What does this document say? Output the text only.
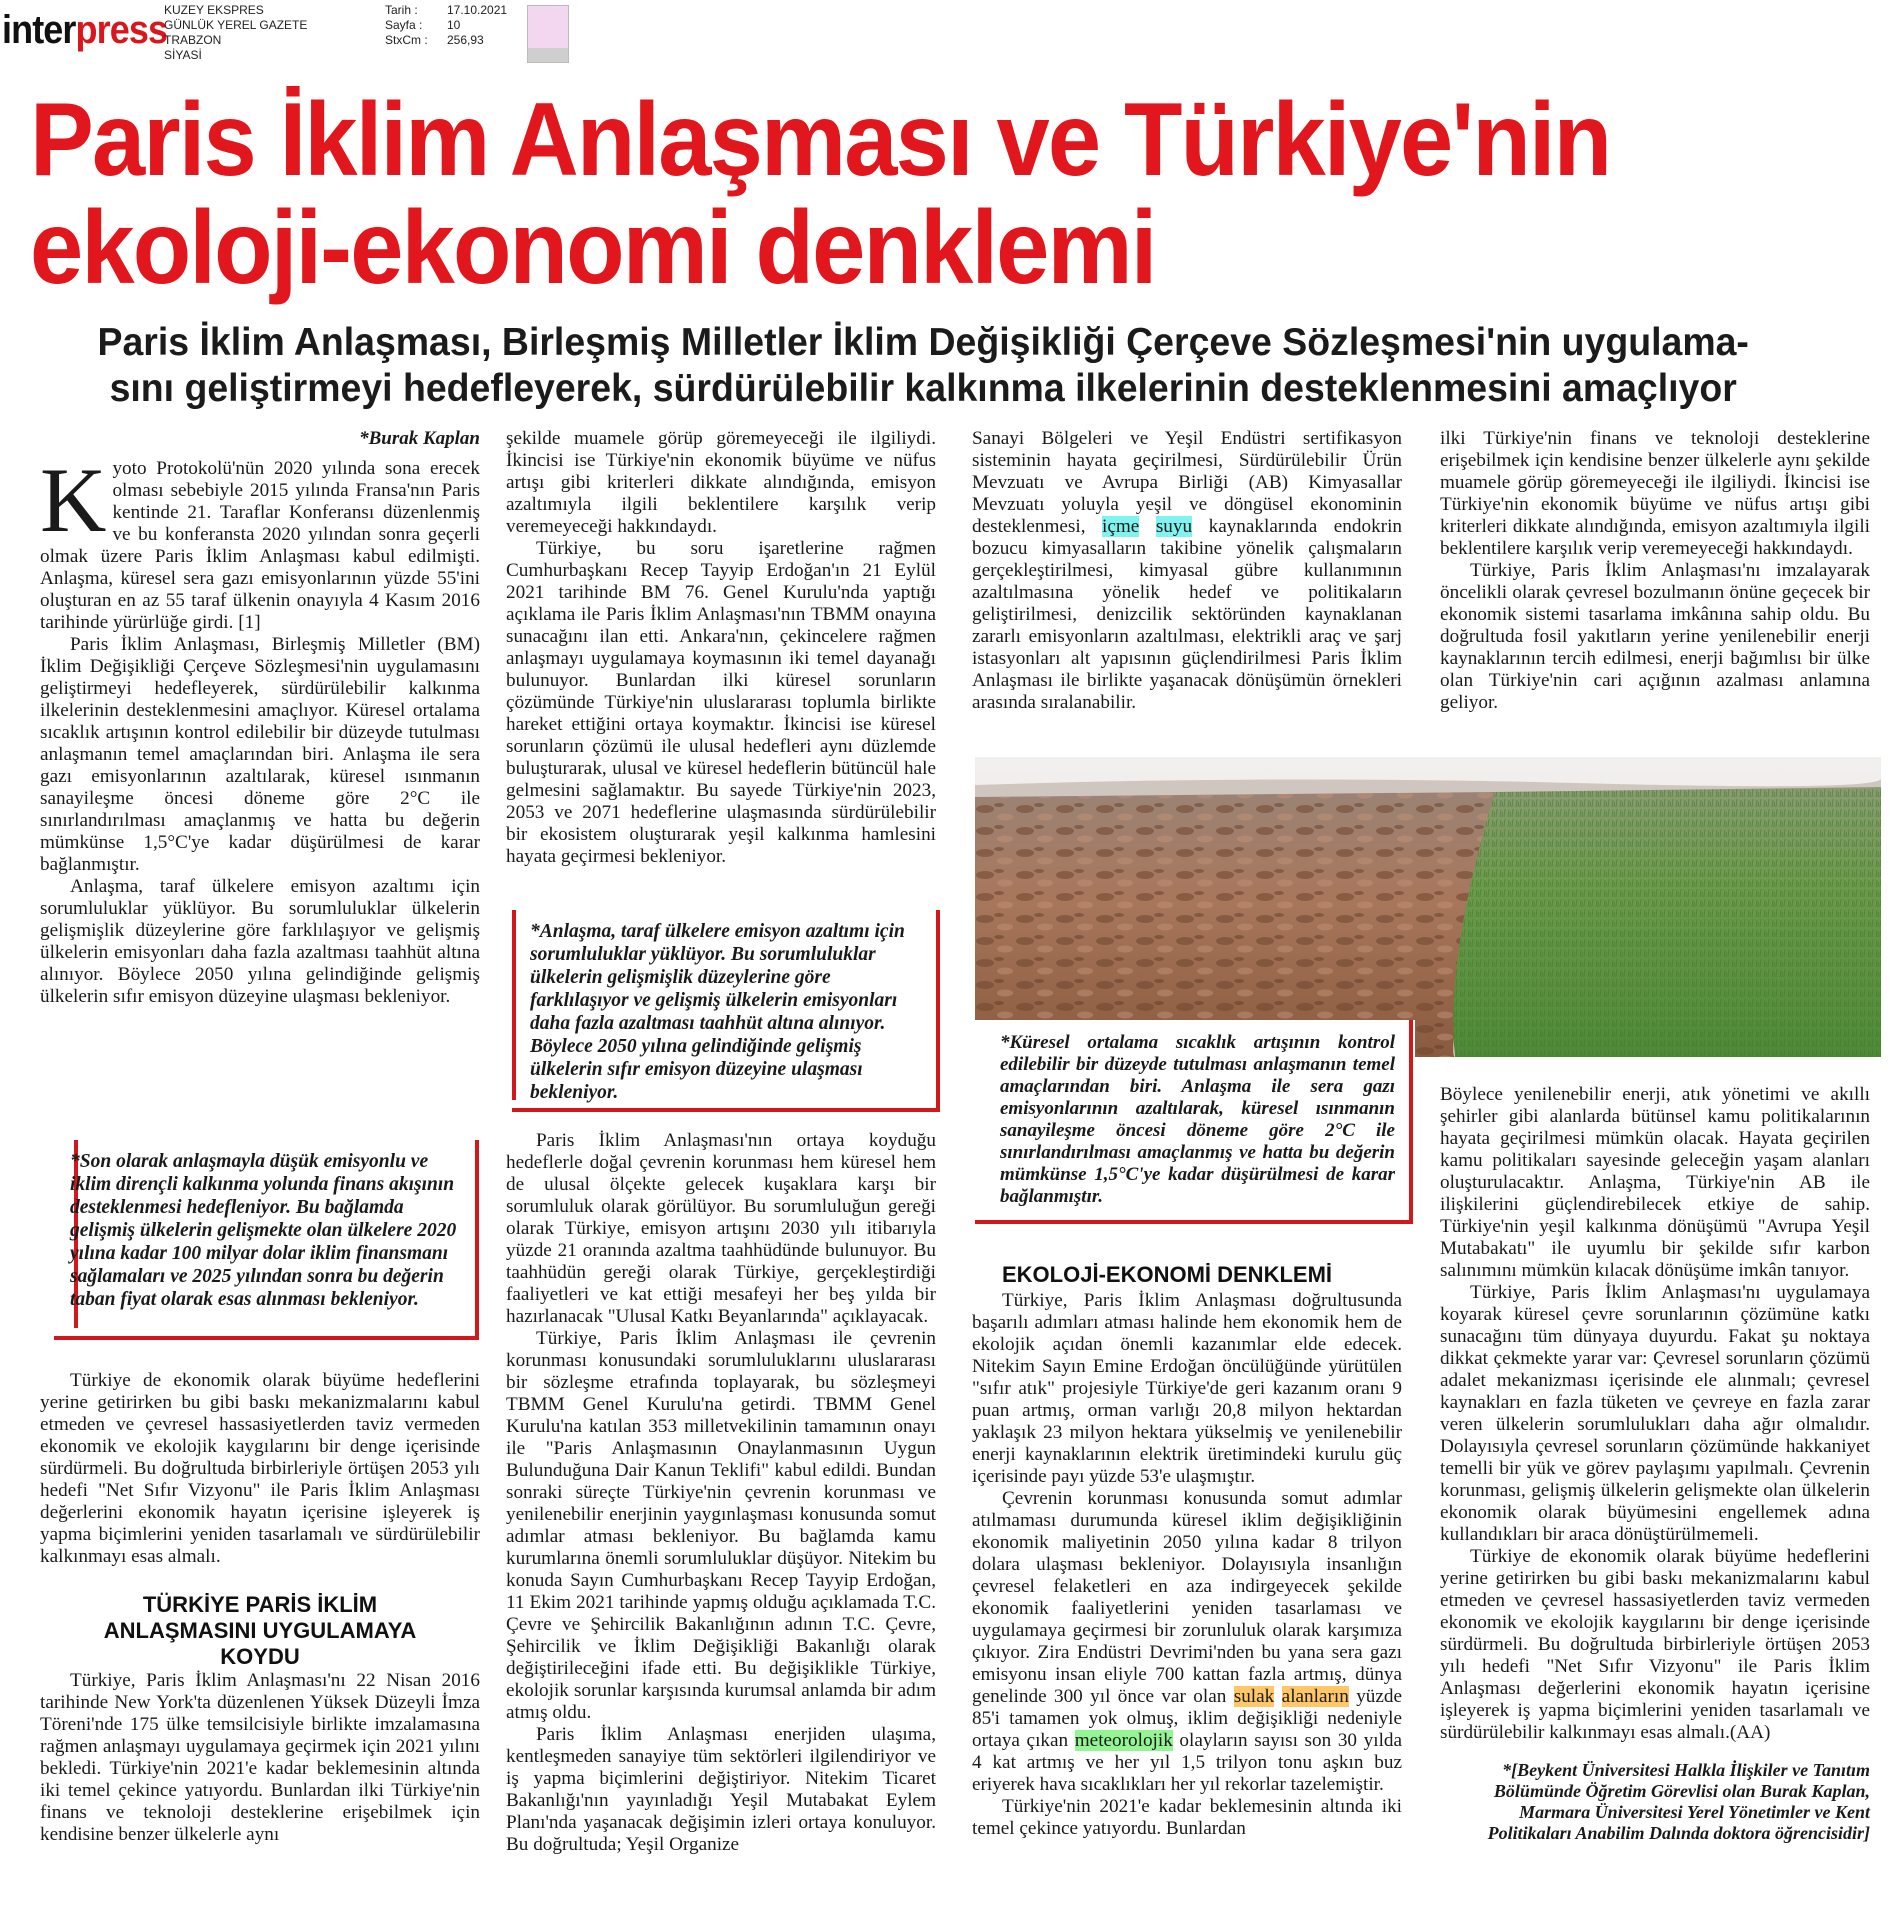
interpress
KUZEY EKSPRES
GÜNLÜK YEREL GAZETE
TRABZON
SİYASİ
Tarih :
Sayfa :
StxCm :
17.10.2021
10
256,93
Paris İklim Anlaşması ve Türkiye'nin
ekoloji-ekonomi denklemi
Paris İklim Anlaşması, Birleşmiş Milletler İklim Değişikliği Çerçeve Sözleşmesi'nin uygulama-
sını geliştirmeyi hedefleyerek, sürdürülebilir kalkınma ilkelerinin desteklenmesini amaçlıyor
*Burak Kaplan

Kyoto Protokolü'nün 2020 yılında sona erecek olması sebebiyle 2015 yılında Fransa'nın Paris kentinde 21. Taraflar Konferansı düzenlenmiş ve bu konferansta 2020 yılından sonra geçerli olmak üzere Paris İklim Anlaşması kabul edilmişti. Anlaşma, küresel sera gazı emisyonlarının yüzde 55'ini oluşturan en az 55 taraf ülkenin onayıyla 4 Kasım 2016 tarihinde yürürlüğe girdi. [1]

Paris İklim Anlaşması, Birleşmiş Milletler (BM) İklim Değişikliği Çerçeve Sözleşmesi'nin uygulamasını geliştirmeyi hedefleyerek, sürdürülebilir kalkınma ilkelerinin desteklenmesini amaçlıyor. Küresel ortalama sıcaklık artışının kontrol edilebilir bir düzeyde tutulması anlaşmanın temel amaçlarından biri. Anlaşma ile sera gazı emisyonlarının azaltılarak, küresel ısınmanın sanayileşme öncesi döneme göre 2°C ile sınırlandırılması amaçlanmış ve hatta bu değerin mümkünse 1,5°C'ye kadar düşürülmesi de karar bağlanmıştır.

Anlaşma, taraf ülkelere emisyon azaltımı için sorumluluklar yüklüyor. Bu sorumluluklar ülkelerin gelişmişlik düzeylerine göre farklılaşıyor ve gelişmiş ülkelerin emisyonları daha fazla azaltması taahhüt altına alınıyor. Böylece 2050 yılına gelindiğinde gelişmiş ülkelerin sıfır emisyon düzeyine ulaşması bekleniyor.

*Son olarak anlaşmayla düşük emisyonlu ve iklim dirençli kalkınma yolunda finans akışının desteklenmesi hedefleniyor. Bu bağlamda gelişmiş ülkelerin gelişmekte olan ülkelere 2020 yılına kadar 100 milyar dolar iklim finansmanı sağlamaları ve 2025 yılından sonra bu değerin taban fiyat olarak esas alınması bekleniyor.

Türkiye de ekonomik olarak büyüme hedeflerini yerine getirirken bu gibi baskı mekanizmalarını kabul etmeden ve çevresel hassasiyetlerden taviz vermeden ekonomik ve ekolojik kaygılarını bir denge içerisinde sürdürmeli. Bu doğrultuda birbirleriyle örtüşen 2053 yılı hedefi "Net Sıfır Vizyonu" ile Paris İklim Anlaşması değerlerini ekonomik hayatın içerisine işleyerek iş yapma biçimlerini yeniden tasarlamalı ve sürdürülebilir kalkınmayı esas almalı.

TÜRKİYE PARİS İKLİM
ANLAŞMASINI UYGULAMAYA
KOYDU

Türkiye, Paris İklim Anlaşması'nı 22 Nisan 2016 tarihinde New York'ta düzenlenen Yüksek Düzeyli İmza Töreni'nde 175 ülke temsilcisiyle birlikte imzalamasına rağmen anlaşmayı uygulamaya geçirmek için 2021 yılını bekledi. Türkiye'nin 2021'e kadar beklemesinin altında iki temel çekince yatıyordu. Bunlardan ilki Türkiye'nin finans ve teknoloji desteklerine erişebilmek için kendisine benzer ülkelerle aynı

şekilde muamele görüp göremeyeceği ile ilgiliydi. İkincisi ise Türkiye'nin ekonomik büyüme ve nüfus artışı gibi kriterleri dikkate alındığında, emisyon azaltımıyla ilgili beklentilere karşılık verip veremeyeceği hakkındaydı.

Türkiye, bu soru işaretlerine rağmen Cumhurbaşkanı Recep Tayyip Erdoğan'ın 21 Eylül 2021 tarihinde BM 76. Genel Kurulu'nda yaptığı açıklama ile Paris İklim Anlaşması'nın TBMM onayına sunacağını ilan etti. Ankara'nın, çekincelere rağmen anlaşmayı uygulamaya koymasının iki temel dayanağı bulunuyor. Bunlardan ilki küresel sorunların çözümünde Türkiye'nin uluslararası toplumla birlikte hareket ettiğini ortaya koymaktır. İkincisi ise küresel sorunların çözümü ile ulusal hedefleri aynı düzlemde buluşturarak, ulusal ve küresel hedeflerin bütüncül hale gelmesini sağlamaktır. Bu sayede Türkiye'nin 2023, 2053 ve 2071 hedeflerine ulaşmasında sürdürülebilir bir ekosistem oluşturarak yeşil kalkınma hamlesini hayata geçirmesi bekleniyor.

*Anlaşma, taraf ülkelere emisyon azaltımı için sorumluluklar yüklüyor. Bu sorumluluklar ülkelerin gelişmişlik düzeylerine göre farklılaşıyor ve gelişmiş ülkelerin emisyonları daha fazla azaltması taahhüt altına alınıyor. Böylece 2050 yılına gelindiğinde gelişmiş ülkelerin sıfır emisyon düzeyine ulaşması bekleniyor.

Paris İklim Anlaşması'nın ortaya koyduğu hedeflerle doğal çevrenin korunması hem küresel hem de ulusal ölçekte gelecek kuşaklara karşı bir sorumluluk olarak görülüyor. Bu sorumluluğun gereği olarak Türkiye, emisyon artışını 2030 yılı itibarıyla yüzde 21 oranında azaltma taahhüdünde bulunuyor. Bu taahhüdün gereği olarak Türkiye, gerçekleştirdiği faaliyetleri ve kat ettiği mesafeyi her beş yılda bir hazırlanacak "Ulusal Katkı Beyanlarında" açıklayacak.

Türkiye, Paris İklim Anlaşması ile çevrenin korunması konusundaki sorumluluklarını uluslararası bir sözleşme etrafında toplayarak, bu sözleşmeyi TBMM Genel Kurulu'na getirdi. TBMM Genel Kurulu'na katılan 353 milletvekilinin tamamının onayı ile "Paris Anlaşmasının Onaylanmasının Uygun Bulunduğuna Dair Kanun Teklifi" kabul edildi. Bundan sonraki süreçte Türkiye'nin çevrenin korunması ve yenilenebilir enerjinin yaygınlaşması konusunda somut adımlar atması bekleniyor. Bu bağlamda kamu kurumlarına önemli sorumluluklar düşüyor. Nitekim bu konuda Sayın Cumhurbaşkanı Recep Tayyip Erdoğan, 11 Ekim 2021 tarihinde yapmış olduğu açıklamada T.C. Çevre ve Şehircilik Bakanlığının adının T.C. Çevre, Şehircilik ve İklim Değişikliği Bakanlığı olarak değiştirileceğini ifade etti. Bu değişiklikle Türkiye, ekolojik sorunlar karşısında kurumsal anlamda bir adım atmış oldu.

Paris İklim Anlaşması enerjiden ulaşıma, kentleşmeden sanayiye tüm sektörleri ilgilendiriyor ve iş yapma biçimlerini değiştiriyor. Nitekim Ticaret Bakanlığı'nın yayınladığı Yeşil Mutabakat Eylem Planı'nda yaşanacak değişimin izleri ortaya konuluyor. Bu doğrultuda; Yeşil Organize

Sanayi Bölgeleri ve Yeşil Endüstri sertifikasyon sisteminin hayata geçirilmesi, Sürdürülebilir Ürün Mevzuatı ve Avrupa Birliği (AB) Kimyasallar Mevzuatı yoluyla yeşil ve döngüsel ekonominin desteklenmesi, içme suyu kaynaklarında endokrin bozucu kimyasalların takibine yönelik çalışmaların gerçekleştirilmesi, kimyasal gübre kullanımının azaltılmasına yönelik hedef ve politikaların geliştirilmesi, denizcilik sektöründen kaynaklanan zararlı emisyonların azaltılması, elektrikli araç ve şarj istasyonları alt yapısının güçlendirilmesi Paris İklim Anlaşması ile birlikte yaşanacak dönüşümün örnekleri arasında sıralanabilir.

ilki Türkiye'nin finans ve teknoloji desteklerine erişebilmek için kendisine benzer ülkelerle aynı şekilde muamele görüp göremeyeceği ile ilgiliydi. İkincisi ise Türkiye'nin ekonomik büyüme ve nüfus artışı gibi kriterleri dikkate alındığında, emisyon azaltımıyla ilgili beklentilere karşılık verip veremeyeceği hakkındaydı.

Türkiye, Paris İklim Anlaşması'nı imzalayarak öncelikli olarak çevresel bozulmanın önüne geçecek bir ekonomik sistemi tasarlama imkânına sahip oldu. Bu doğrultuda fosil yakıtların yerine yenilenebilir enerji kaynaklarının tercih edilmesi, enerji bağımlısı bir ülke olan Türkiye'nin cari açığının azalması anlamına geliyor.

*Küresel ortalama sıcaklık artışının kontrol edilebilir bir düzeyde tutulması anlaşmanın temel amaçlarından biri. Anlaşma ile sera gazı emisyonlarının azaltılarak, küresel ısınmanın sanayileşme öncesi döneme göre 2°C ile sınırlandırılması amaçlanmış ve hatta bu değerin mümkünse 1,5°C'ye kadar düşürülmesi de karar bağlanmıştır.
EKOLOJİ-EKONOMİ DENKLEMİ

Türkiye, Paris İklim Anlaşması doğrultusunda başarılı adımları atması halinde hem ekonomik hem de ekolojik açıdan önemli kazanımlar elde edecek. Nitekim Sayın Emine Erdoğan öncülüğünde yürütülen "sıfır atık" projesiyle Türkiye'de geri kazanım oranı 9 puan artmış, orman varlığı 20,8 milyon hektardan yaklaşık 23 milyon hektara yükselmiş ve yenilenebilir enerji kaynaklarının elektrik üretimindeki kurulu güç içerisinde payı yüzde 53'e ulaşmıştır.

Çevrenin korunması konusunda somut adımlar atılmaması durumunda küresel iklim değişikliğinin ekonomik maliyetinin 2050 yılına kadar 8 trilyon dolara ulaşması bekleniyor. Dolayısıyla insanlığın çevresel felaketleri en aza indirgeyecek şekilde ekonomik faaliyetlerini yeniden tasarlaması ve uygulamaya geçirmesi bir zorunluluk olarak karşımıza çıkıyor. Zira Endüstri Devrimi'nden bu yana sera gazı emisyonu insan eliyle 700 kattan fazla artmış, dünya genelinde 300 yıl önce var olan sulak alanların yüzde 85'i tamamen yok olmuş, iklim değişikliği nedeniyle ortaya çıkan meteorolojik olayların sayısı son 30 yılda 4 kat artmış ve her yıl 1,5 trilyon tonu aşkın buz eriyerek hava sıcaklıkları her yıl rekorlar tazelemiştir.

Türkiye'nin 2021'e kadar beklemesinin altında iki temel çekince yatıyordu. Bunlardan

Böylece yenilenebilir enerji, atık yönetimi ve akıllı şehirler gibi alanlarda bütünsel kamu politikalarının hayata geçirilmesi mümkün olacak. Hayata geçirilen kamu politikaları sayesinde geleceğin yaşam alanları oluşturulacaktır. Anlaşma, Türkiye'nin AB ile ilişkilerini güçlendirebilecek etkiye de sahip. Türkiye'nin yeşil kalkınma dönüşümü "Avrupa Yeşil Mutabakatı" ile uyumlu bir şekilde sıfır karbon salınımını mümkün kılacak dönüşüme imkân tanıyor.

Türkiye, Paris İklim Anlaşması'nı uygulamaya koyarak küresel çevre sorunlarının çözümüne katkı sunacağını tüm dünyaya duyurdu. Fakat şu noktaya dikkat çekmekte yarar var: Çevresel sorunların çözümü adalet mekanizması içerisinde ele alınmalı; çevresel kaynakları en fazla tüketen ve çevreye en fazla zarar veren ülkelerin sorumlulukları daha ağır olmalıdır. Dolayısıyla çevresel sorunların çözümünde hakkaniyet temelli bir yük ve görev paylaşımı yapılmalı. Çevrenin korunması, gelişmiş ülkelerin gelişmekte olan ülkelerin ekonomik olarak büyümesini engellemek adına kullandıkları bir araca dönüştürülmemeli.

Türkiye de ekonomik olarak büyüme hedeflerini yerine getirirken bu gibi baskı mekanizmalarını kabul etmeden ve çevresel hassasiyetlerden taviz vermeden ekonomik ve ekolojik kaygılarını bir denge içerisinde sürdürmeli. Bu doğrultuda birbirleriyle örtüşen 2053 yılı hedefi "Net Sıfır Vizyonu" ile Paris İklim Anlaşması değerlerini ekonomik hayatın içerisine işleyerek iş yapma biçimlerini yeniden tasarlamalı ve sürdürülebilir kalkınmayı esas almalı.(AA)

*[Beykent Üniversitesi Halkla İlişkiler ve Tanıtım Bölümünde Öğretim Görevlisi olan Burak Kaplan, Marmara Üniversitesi Yerel Yönetimler ve Kent Politikaları Anabilim Dalında doktora öğrencisidir]
